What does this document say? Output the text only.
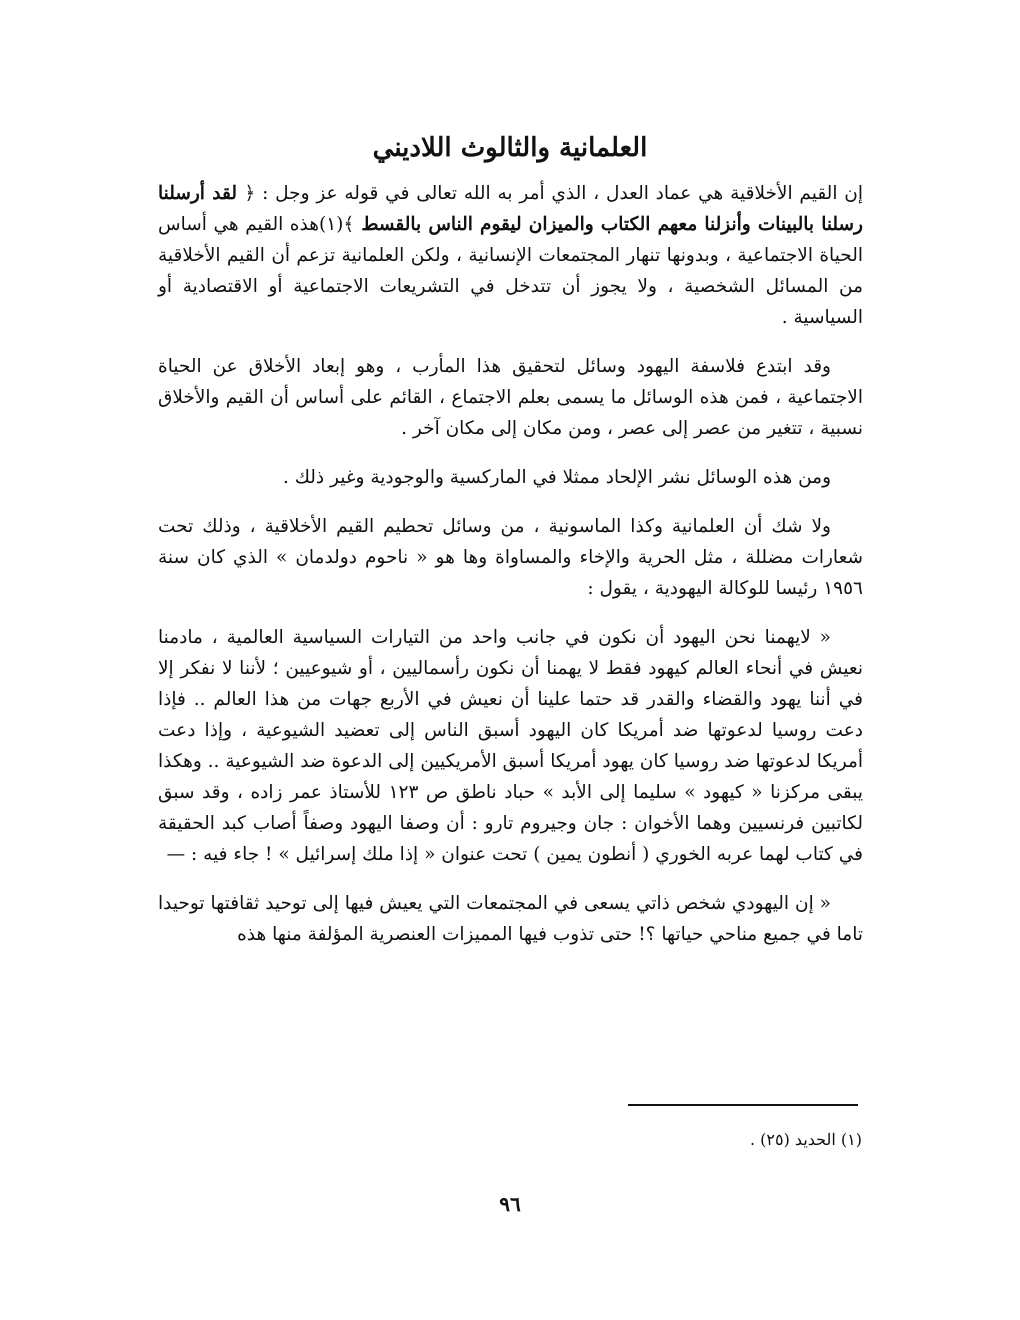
العلمانية والثالوث اللاديني

إن القيم الأخلاقية هي عماد العدل ، الذي أمر به الله تعالى في قوله عز وجل : ﴿ لقد أرسلنا رسلنا بالبينات وأنزلنا معهم الكتاب والميزان ليقوم الناس بالقسط ﴾(١)هذه القيم هي أساس الحياة الاجتماعية ، وبدونها تنهار المجتمعات الإنسانية ، ولكن العلمانية تزعم أن القيم الأخلاقية من المسائل الشخصية ، ولا يجوز أن تتدخل في التشريعات الاجتماعية أو الاقتصادية أو السياسية .

وقد ابتدع فلاسفة اليهود وسائل لتحقيق هذا المأرب ، وهو إبعاد الأخلاق عن الحياة الاجتماعية ، فمن هذه الوسائل ما يسمى بعلم الاجتماع ، القائم على أساس أن القيم والأخلاق نسبية ، تتغير من عصر إلى عصر ، ومن مكان إلى مكان آخر .

ومن هذه الوسائل نشر الإلحاد ممثلا في الماركسية والوجودية وغير ذلك .

ولا شك أن العلمانية وكذا الماسونية ، من وسائل تحطيم القيم الأخلاقية ، وذلك تحت شعارات مضللة ، مثل الحرية والإخاء والمساواة وها هو « ناحوم دولدمان » الذي كان سنة ١٩٥٦ رئيسا للوكالة اليهودية ، يقول :

« لايهمنا نحن اليهود أن نكون في جانب واحد من التيارات السياسية العالمية ، مادمنا نعيش في أنحاء العالم كيهود فقط لا يهمنا أن نكون رأسماليين ، أو شيوعيين ؛ لأننا لا نفكر إلا في أننا يهود والقضاء والقدر قد حتما علينا أن نعيش في الأربع جهات من هذا العالم .. فإذا دعت روسيا لدعوتها ضد أمريكا كان اليهود أسبق الناس إلى تعضيد الشيوعية ، وإذا دعت أمريكا لدعوتها ضد روسيا كان يهود أمريكا أسبق الأمريكيين إلى الدعوة ضد الشيوعية .. وهكذا يبقى مركزنا « كيهود » سليما إلى الأبد » حباد ناطق ص ١٢٣ للأستاذ عمر زاده ، وقد سبق لكاتبين فرنسيين وهما الأخوان : جان وجيروم تارو : أن وصفا اليهود وصفاً أصاب كبد الحقيقة في كتاب لهما عربه الخوري ( أنطون يمين ) تحت عنوان « إذا ملك إسرائيل » ! جاء فيه : —

« إن اليهودي شخص ذاتي يسعى في المجتمعات التي يعيش فيها إلى توحيد ثقافتها توحيدا تاما في جميع مناحي حياتها ؟! حتى تذوب فيها المميزات العنصرية المؤلفة منها هذه

(١) الحديد (٢٥) .

٩٦
